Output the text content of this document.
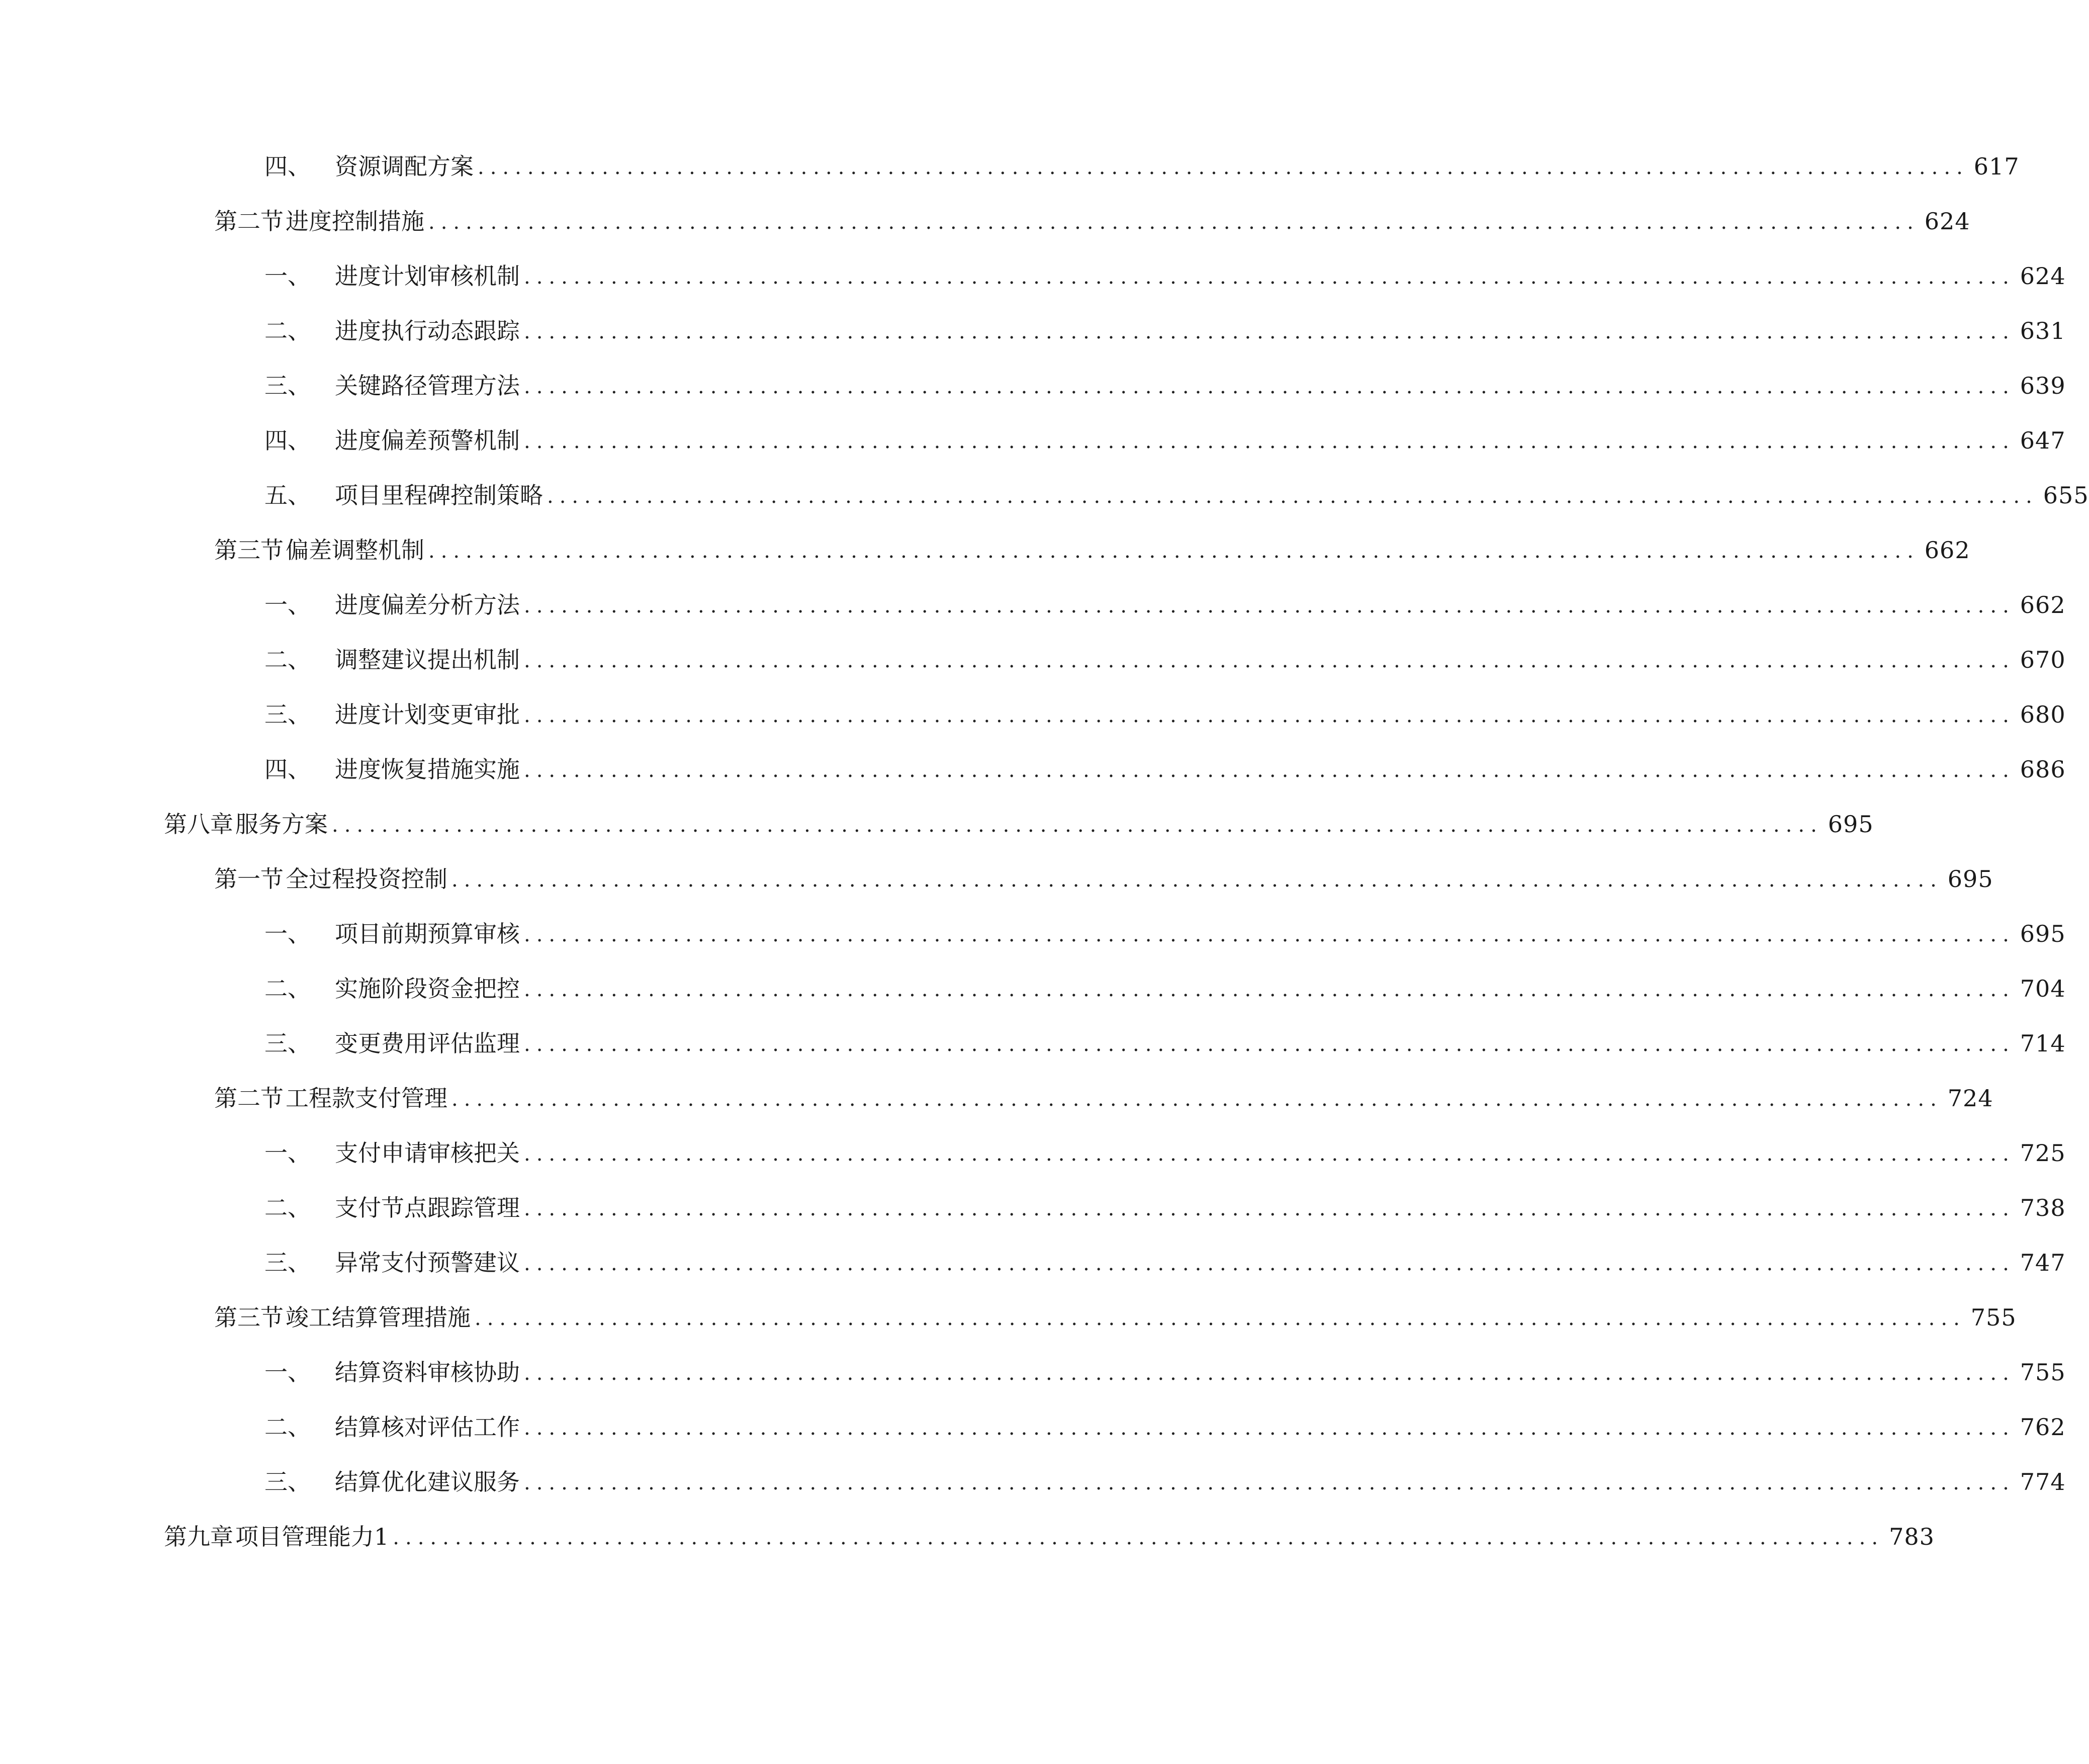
四、	资源调配方案 ........................................................................................................................ 617
第二节 进度控制措施 ........................................................................................................................ 624
一、	进度计划审核机制 ........................................................................................................................ 624
二、	进度执行动态跟踪 ........................................................................................................................ 631
三、	关键路径管理方法 ........................................................................................................................ 639
四、	进度偏差预警机制 ........................................................................................................................ 647
五、	项目里程碑控制策略 ........................................................................................................................ 655
第三节 偏差调整机制 ........................................................................................................................ 662
一、	进度偏差分析方法 ........................................................................................................................ 662
二、	调整建议提出机制 ........................................................................................................................ 670
三、	进度计划变更审批 ........................................................................................................................ 680
四、	进度恢复措施实施 ........................................................................................................................ 686
第八章 服务方案 ........................................................................................................................ 695
第一节 全过程投资控制 ........................................................................................................................ 695
一、	项目前期预算审核 ........................................................................................................................ 695
二、	实施阶段资金把控 ........................................................................................................................ 704
三、	变更费用评估监理 ........................................................................................................................ 714
第二节 工程款支付管理 ........................................................................................................................ 724
一、	支付申请审核把关 ........................................................................................................................ 725
二、	支付节点跟踪管理 ........................................................................................................................ 738
三、	异常支付预警建议 ........................................................................................................................ 747
第三节 竣工结算管理措施 ........................................................................................................................ 755
一、	结算资料审核协助 ........................................................................................................................ 755
二、	结算核对评估工作 ........................................................................................................................ 762
三、	结算优化建议服务 ........................................................................................................................ 774
第九章 项目管理能力1 ........................................................................................................................ 783
